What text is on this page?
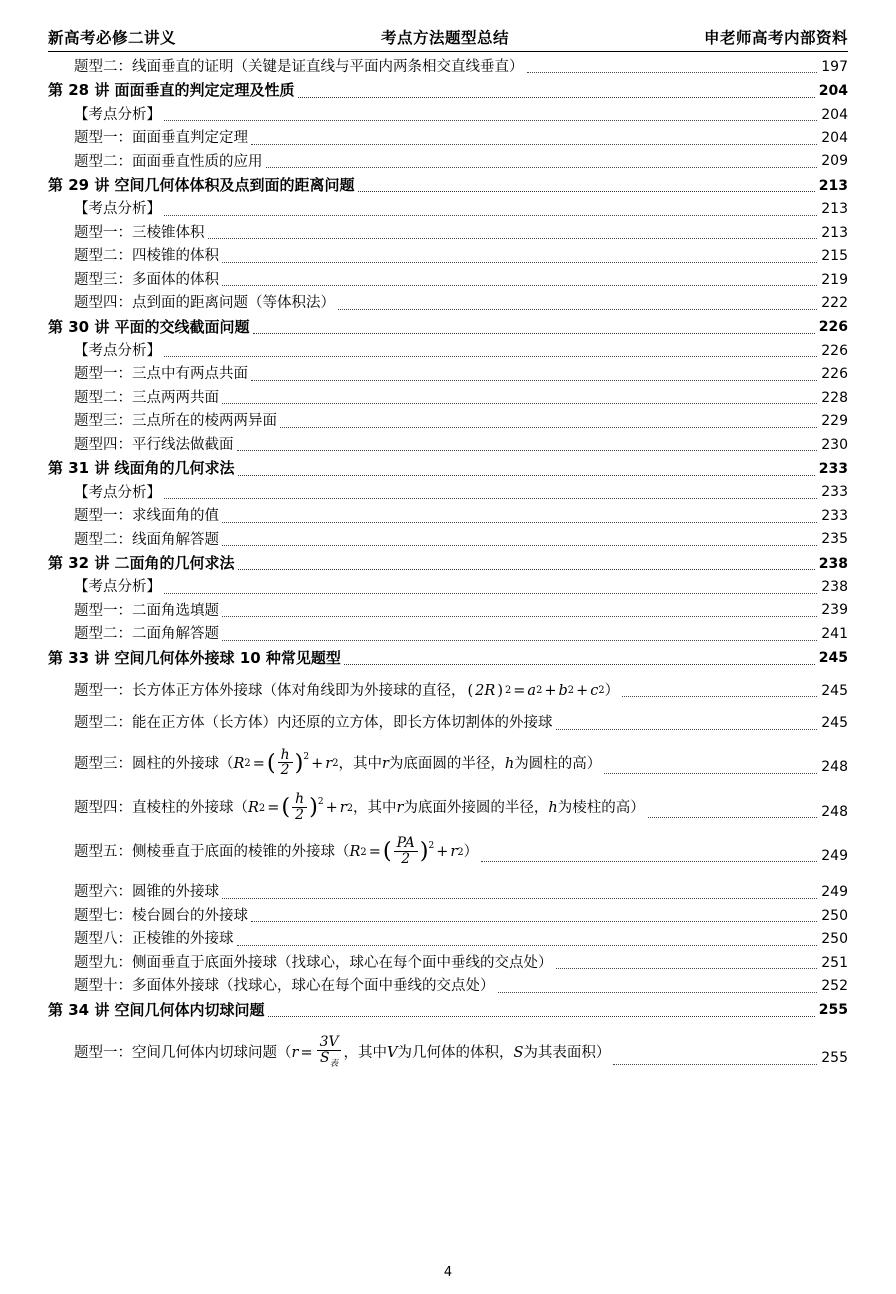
新高考必修二讲义	考点方法题型总结	申老师高考内部资料
题型二：线面垂直的证明（关键是证直线与平面内两条相交直线垂直）	197
第 28 讲 面面垂直的判定定理及性质	204
【考点分析】	204
题型一：面面垂直判定定理	204
题型二：面面垂直性质的应用	209
第 29 讲 空间几何体体积及点到面的距离问题	213
【考点分析】	213
题型一：三棱锥体积	213
题型二：四棱锥的体积	215
题型三：多面体的体积	219
题型四：点到面的距离问题（等体积法）	222
第 30 讲 平面的交线截面问题	226
【考点分析】	226
题型一：三点中有两点共面	226
题型二：三点两两共面	228
题型三：三点所在的棱两两异面	229
题型四：平行线法做截面	230
第 31 讲 线面角的几何求法	233
【考点分析】	233
题型一：求线面角的值	233
题型二：线面角解答题	235
第 32 讲 二面角的几何求法	238
【考点分析】	238
题型一：二面角选填题	239
题型二：二面角解答题	241
第 33 讲 空间几何体外接球 10 种常见题型	245
题型一：长方体正方体外接球（体对角线即为外接球的直径， ( 2R ) 2 = a 2 + b 2 + c 2 ）	245
题型二：能在正方体（长方体）内还原的立方体，即长方体切割体的外接球	245
题型三：圆柱的外接球（ R 2 = ( $\frac{h}{2}$ ) 2 + r 2 ，其中 r 为底面圆的半径， h 为圆柱的高）	248
题型四：直棱柱的外接球（ R 2 = ( $\frac{h}{2}$ ) 2 + r 2 ，其中 r 为底面外接圆的半径， h 为棱柱的高）	248
题型五：侧棱垂直于底面的棱锥的外接球（ R 2 = ( $\frac{PA}{2}$ ) 2 + r 2 ）	249
题型六：圆锥的外接球	249
题型七：棱台圆台的外接球	250
题型八：正棱锥的外接球	250
题型九：侧面垂直于底面外接球（找球心，球心在每个面中垂线的交点处）	251
题型十：多面体外接球（找球心，球心在每个面中垂线的交点处）	252
第 34 讲 空间几何体内切球问题	255
题型一：空间几何体内切球问题（ $r = \frac{3V}{S_表}$ ，其中 V 为几何体的体积， S 为其表面积）	255
4
